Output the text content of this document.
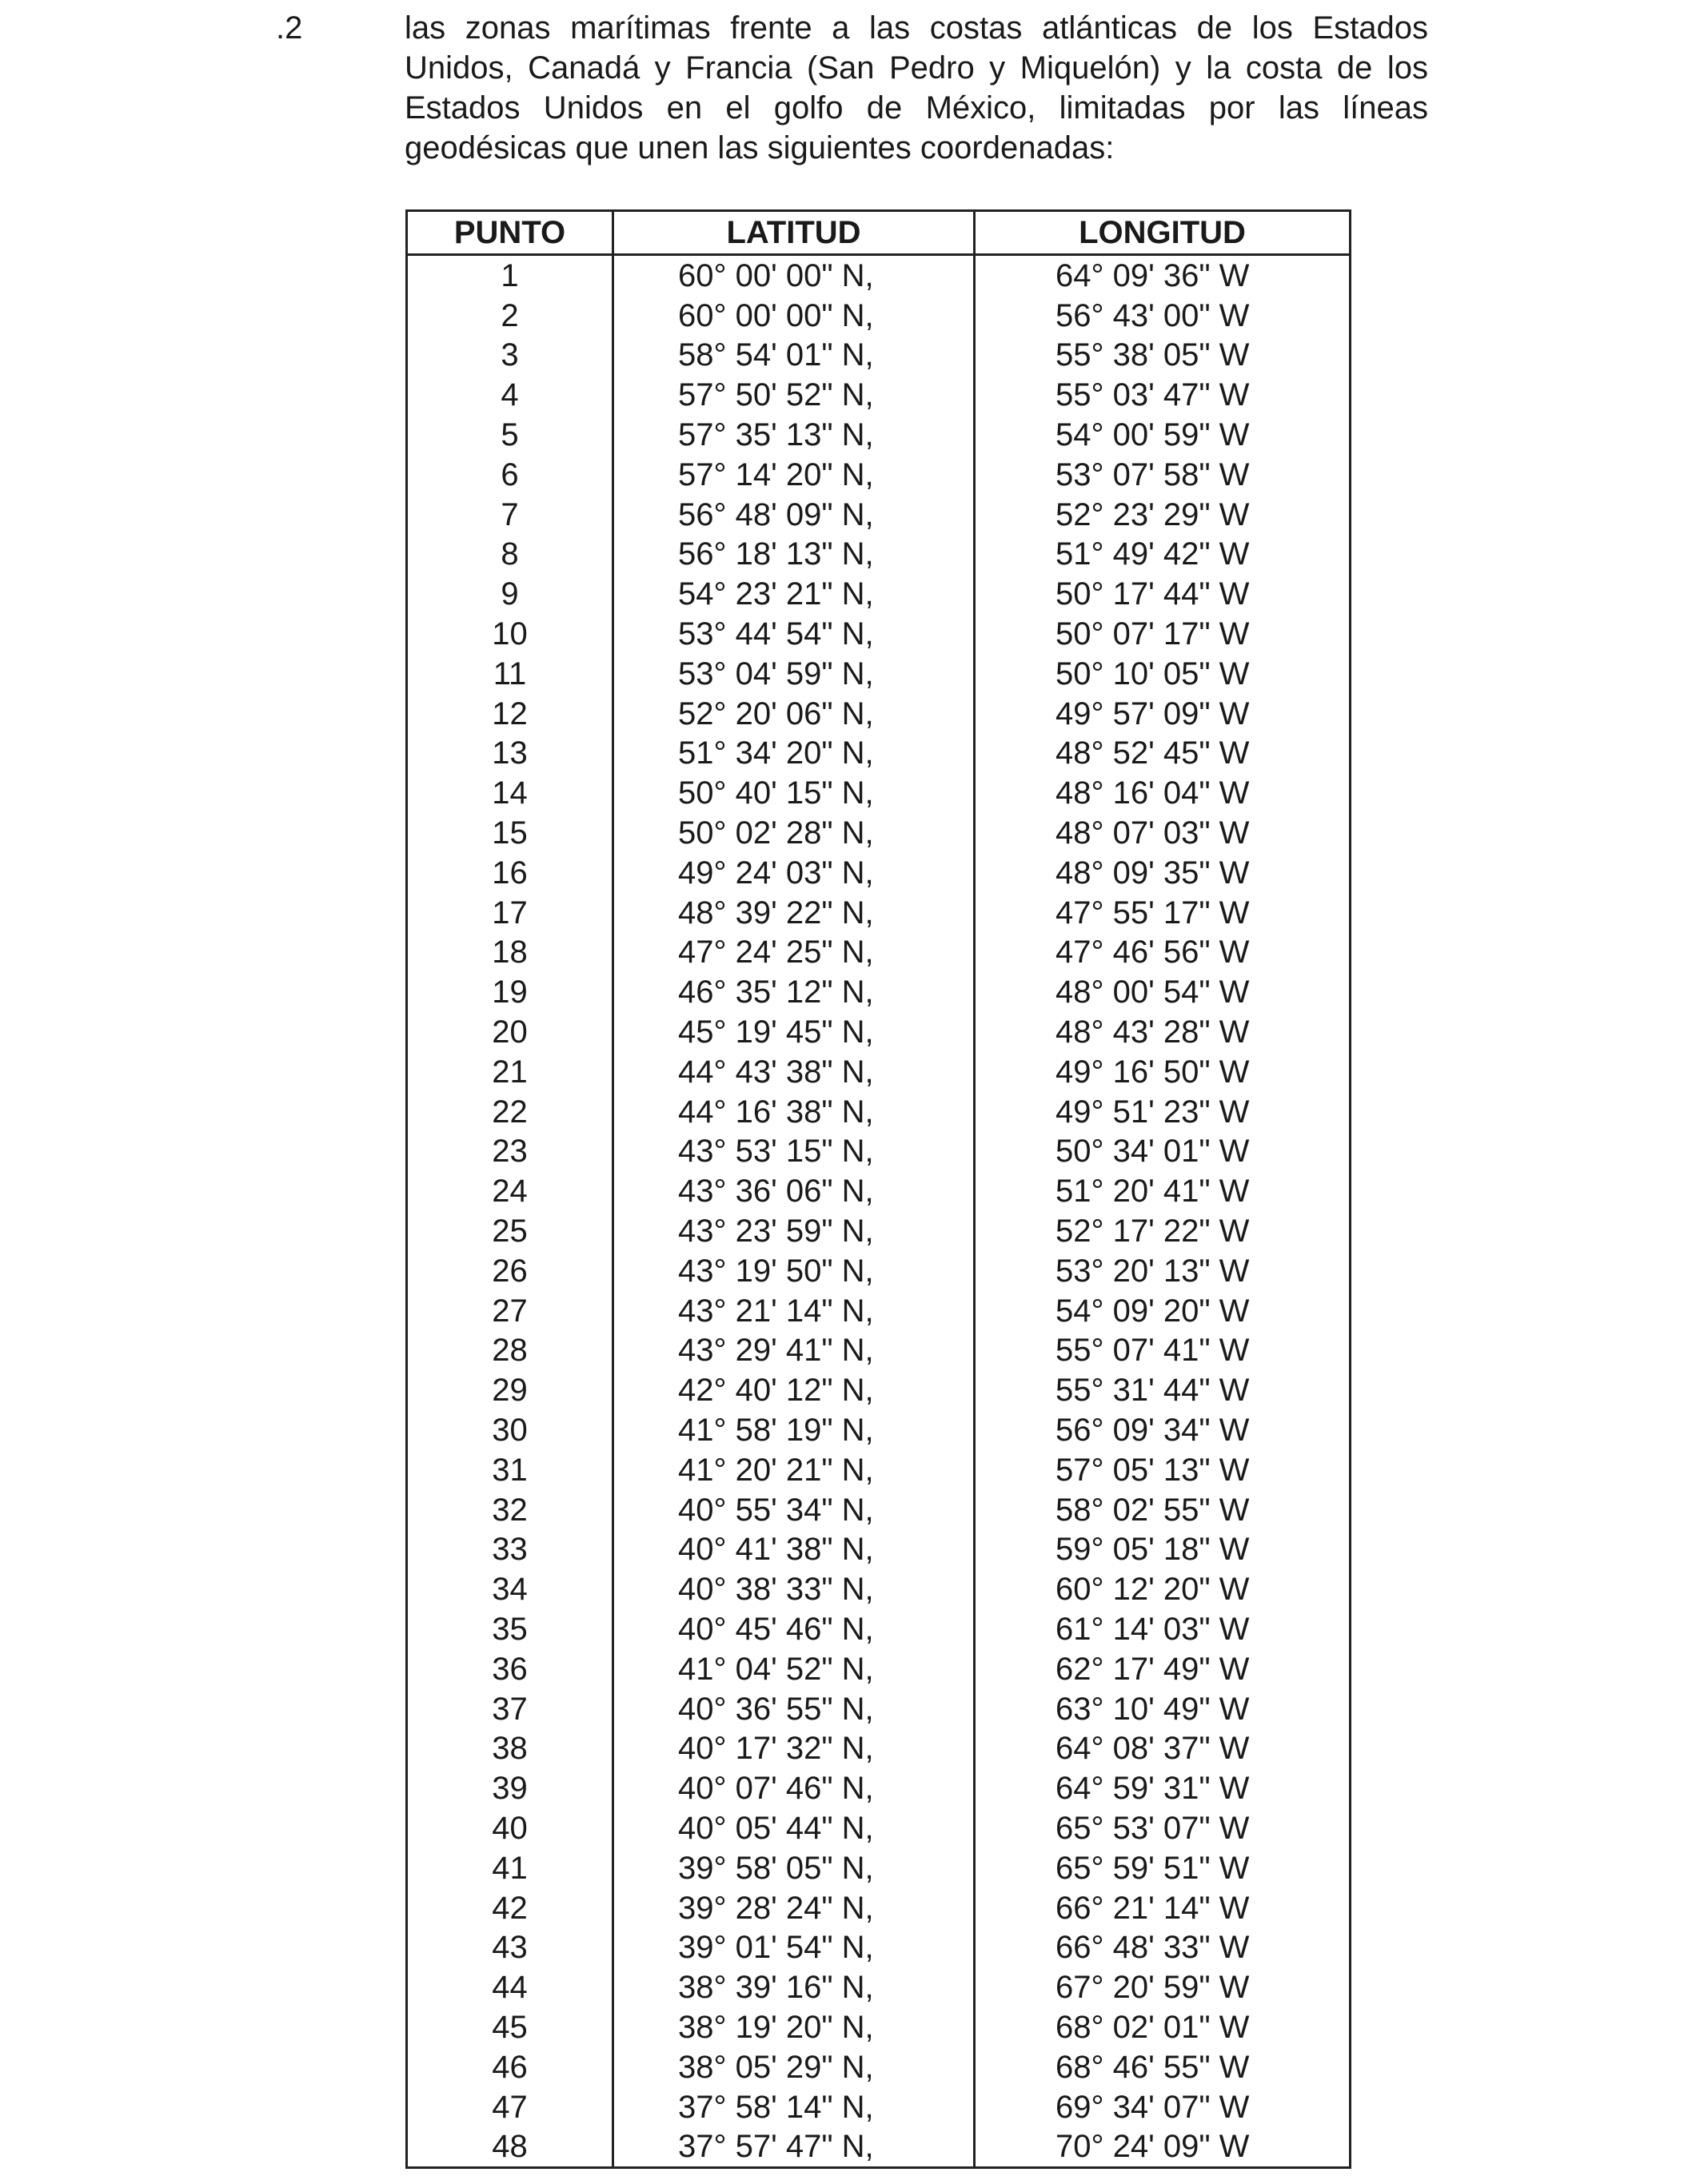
.2	las zonas marítimas frente a las costas atlánticas de los Estados Unidos, Canadá y Francia (San Pedro y Miquelón) y la costa de los Estados Unidos en el golfo de México, limitadas por las líneas geodésicas que unen las siguientes coordenadas:
PUNTO	LATITUD	LONGITUD
1	60° 00' 00" N,	64° 09' 36" W
2	60° 00' 00" N,	56° 43' 00" W
3	58° 54' 01" N,	55° 38' 05" W
4	57° 50' 52" N,	55° 03' 47" W
5	57° 35' 13" N,	54° 00' 59" W
6	57° 14' 20" N,	53° 07' 58" W
7	56° 48' 09" N,	52° 23' 29" W
8	56° 18' 13" N,	51° 49' 42" W
9	54° 23' 21" N,	50° 17' 44" W
10	53° 44' 54" N,	50° 07' 17" W
11	53° 04' 59" N,	50° 10' 05" W
12	52° 20' 06" N,	49° 57' 09" W
13	51° 34' 20" N,	48° 52' 45" W
14	50° 40' 15" N,	48° 16' 04" W
15	50° 02' 28" N,	48° 07' 03" W
16	49° 24' 03" N,	48° 09' 35" W
17	48° 39' 22" N,	47° 55' 17" W
18	47° 24' 25" N,	47° 46' 56" W
19	46° 35' 12" N,	48° 00' 54" W
20	45° 19' 45" N,	48° 43' 28" W
21	44° 43' 38" N,	49° 16' 50" W
22	44° 16' 38" N,	49° 51' 23" W
23	43° 53' 15" N,	50° 34' 01" W
24	43° 36' 06" N,	51° 20' 41" W
25	43° 23' 59" N,	52° 17' 22" W
26	43° 19' 50" N,	53° 20' 13" W
27	43° 21' 14" N,	54° 09' 20" W
28	43° 29' 41" N,	55° 07' 41" W
29	42° 40' 12" N,	55° 31' 44" W
30	41° 58' 19" N,	56° 09' 34" W
31	41° 20' 21" N,	57° 05' 13" W
32	40° 55' 34" N,	58° 02' 55" W
33	40° 41' 38" N,	59° 05' 18" W
34	40° 38' 33" N,	60° 12' 20" W
35	40° 45' 46" N,	61° 14' 03" W
36	41° 04' 52" N,	62° 17' 49" W
37	40° 36' 55" N,	63° 10' 49" W
38	40° 17' 32" N,	64° 08' 37" W
39	40° 07' 46" N,	64° 59' 31" W
40	40° 05' 44" N,	65° 53' 07" W
41	39° 58' 05" N,	65° 59' 51" W
42	39° 28' 24" N,	66° 21' 14" W
43	39° 01' 54" N,	66° 48' 33" W
44	38° 39' 16" N,	67° 20' 59" W
45	38° 19' 20" N,	68° 02' 01" W
46	38° 05' 29" N,	68° 46' 55" W
47	37° 58' 14" N,	69° 34' 07" W
48	37° 57' 47" N,	70° 24' 09" W
